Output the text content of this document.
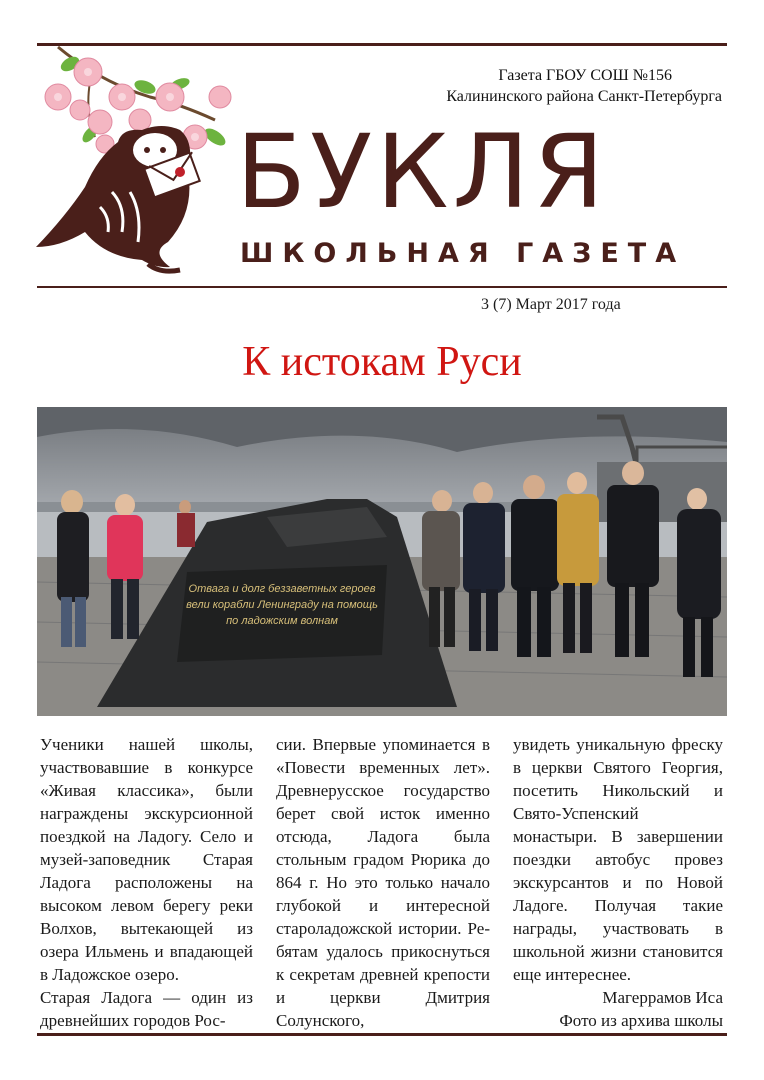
Газета ГБОУ СОШ №156
Калининского района Санкт-Петербурга
БУКЛЯ
ШКОЛЬНАЯ ГАЗЕТА
3 (7) Март 2017 года
К истокам Руси
Отвага и долг беззаветных героев
вели корабли Ленинграду на помощь
по ладожским волнам

Ученики нашей школы, участвовавшие в конкурсе «Живая классика», были награждены экскурсионной поездкой на Ладогу. Село и музей-заповедник Старая Ладога расположены на высоком левом берегу реки Волхов, вытекающей из озера Ильмень и впадающей в Ладожское озеро.

Старая Ладога — один из древнейших городов Рос-

сии. Впервые упоминается в «Повести временных лет». Древнерусское государство берет свой исток именно отсюда, Ладога была стольным градом Рюрика до 864 г. Но это только начало глубокой и интересной староладожской истории. Ребятам удалось прикоснуться к секретам древней крепости и церкви Дмитрия Солунского,

увидеть уникальную фреску в церкви Святого Георгия, посетить Никольский и Свято-Успенский монастыри. В завершении поездки автобус провез экскурсантов и по Новой Ладоге. Получая такие награды, участвовать в школьной жизни становится еще интереснее.

Магеррамов Иса

Фото из архива школы
